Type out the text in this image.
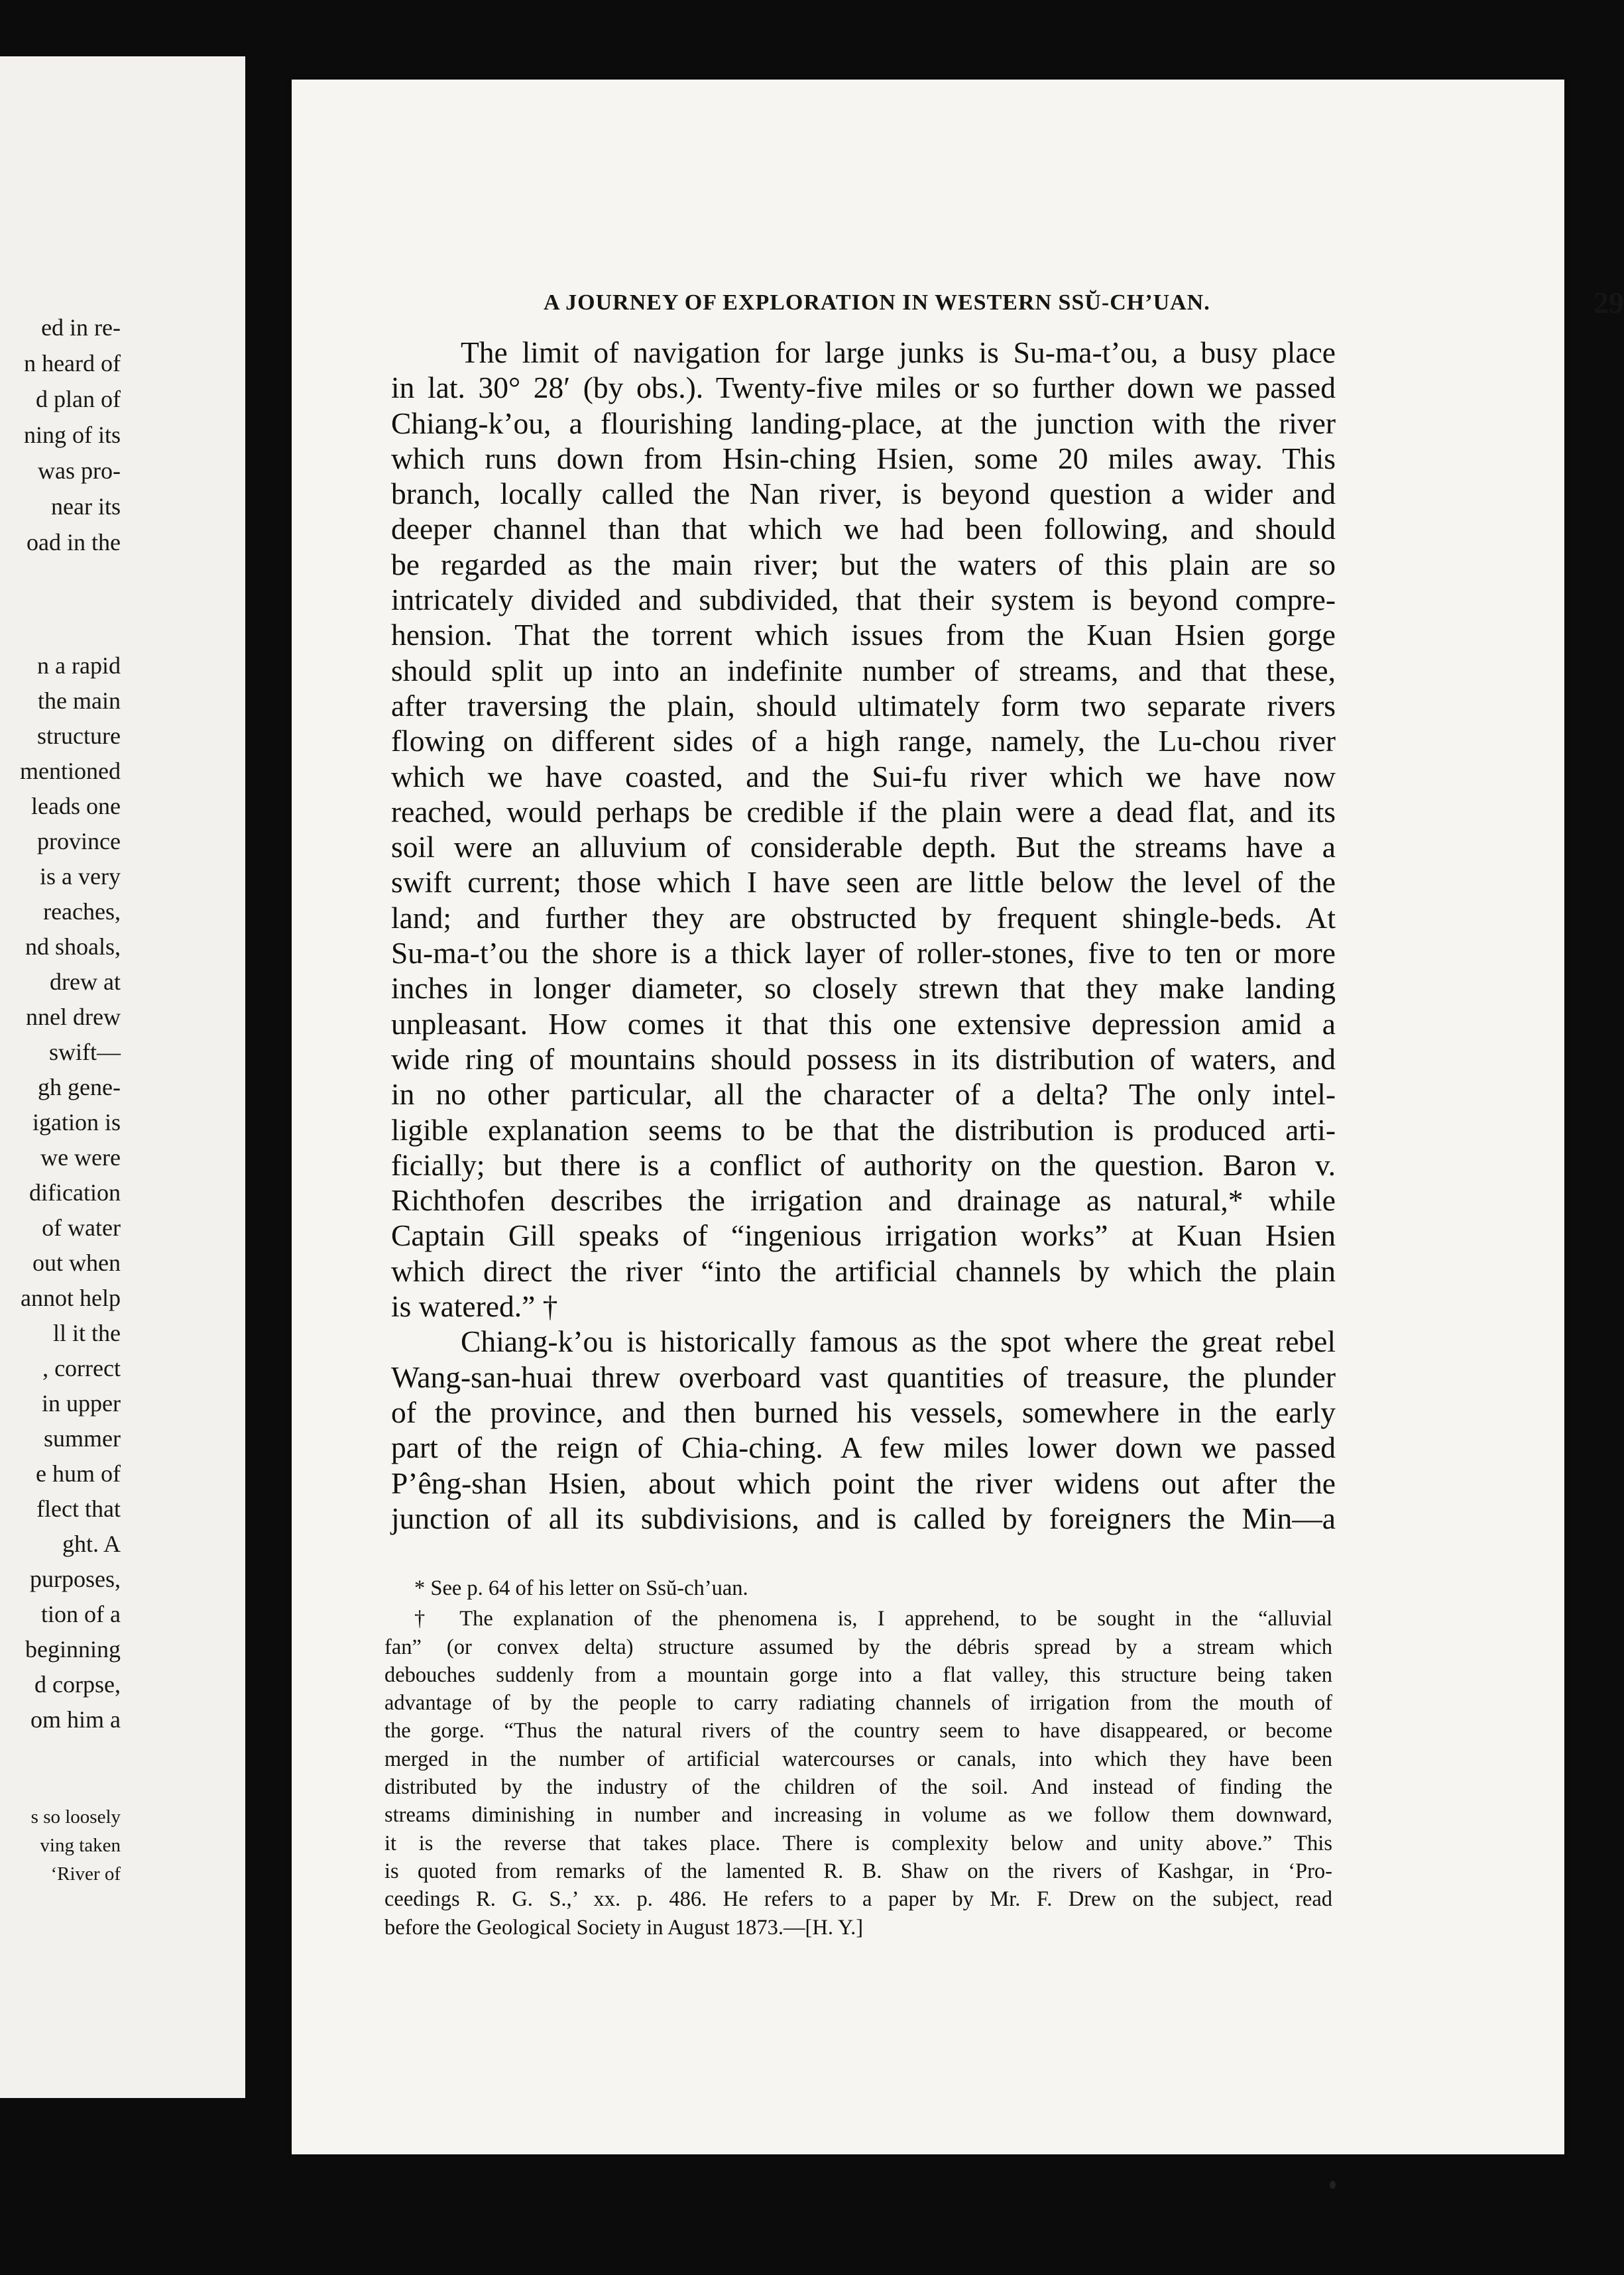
ed in re-
n heard of
d plan of
ning of its
was pro-
near its
oad in the
n a rapid
the main
structure
mentioned
leads one
province
is a very
reaches,
nd shoals,
drew at
nnel drew
swift—
gh gene-
igation is
we were
dification
of water
out when
annot help
ll it the
, correct
in upper
summer
e hum of
flect that
ght. A
purposes,
tion of a
beginning
d corpse,
om him a
s so loosely
ving taken
‘River of
A JOURNEY OF EXPLORATION IN WESTERN SSŬ-CH’UAN.	29
The limit of navigation for large junks is Su-ma-t’ou, a busy place
in lat. 30° 28′ (by obs.). Twenty-five miles or so further down we passed
Chiang-k’ou, a flourishing landing-place, at the junction with the river
which runs down from Hsin-ching Hsien, some 20 miles away. This
branch, locally called the Nan river, is beyond question a wider and
deeper channel than that which we had been following, and should
be regarded as the main river; but the waters of this plain are so
intricately divided and subdivided, that their system is beyond compre-
hension. That the torrent which issues from the Kuan Hsien gorge
should split up into an indefinite number of streams, and that these,
after traversing the plain, should ultimately form two separate rivers
flowing on different sides of a high range, namely, the Lu-chou river
which we have coasted, and the Sui-fu river which we have now
reached, would perhaps be credible if the plain were a dead flat, and its
soil were an alluvium of considerable depth. But the streams have a
swift current; those which I have seen are little below the level of the
land; and further they are obstructed by frequent shingle-beds. At
Su-ma-t’ou the shore is a thick layer of roller-stones, five to ten or more
inches in longer diameter, so closely strewn that they make landing
unpleasant. How comes it that this one extensive depression amid a
wide ring of mountains should possess in its distribution of waters, and
in no other particular, all the character of a delta? The only intel-
ligible explanation seems to be that the distribution is produced arti-
ficially; but there is a conflict of authority on the question. Baron v.
Richthofen describes the irrigation and drainage as natural,* while
Captain Gill speaks of “ingenious irrigation works” at Kuan Hsien
which direct the river “into the artificial channels by which the plain
is watered.” †
Chiang-k’ou is historically famous as the spot where the great rebel
Wang-san-huai threw overboard vast quantities of treasure, the plunder
of the province, and then burned his vessels, somewhere in the early
part of the reign of Chia-ching. A few miles lower down we passed
P’êng-shan Hsien, about which point the river widens out after the
junction of all its subdivisions, and is called by foreigners the Min—a
* See p. 64 of his letter on Ssŭ-ch’uan.
† The explanation of the phenomena is, I apprehend, to be sought in the “alluvial
fan” (or convex delta) structure assumed by the débris spread by a stream which
debouches suddenly from a mountain gorge into a flat valley, this structure being taken
advantage of by the people to carry radiating channels of irrigation from the mouth of
the gorge. “Thus the natural rivers of the country seem to have disappeared, or become
merged in the number of artificial watercourses or canals, into which they have been
distributed by the industry of the children of the soil. And instead of finding the
streams diminishing in number and increasing in volume as we follow them downward,
it is the reverse that takes place. There is complexity below and unity above.” This
is quoted from remarks of the lamented R. B. Shaw on the rivers of Kashgar, in ‘Pro-
ceedings R. G. S.,’ xx. p. 486. He refers to a paper by Mr. F. Drew on the subject, read
before the Geological Society in August 1873.—[H. Y.]
